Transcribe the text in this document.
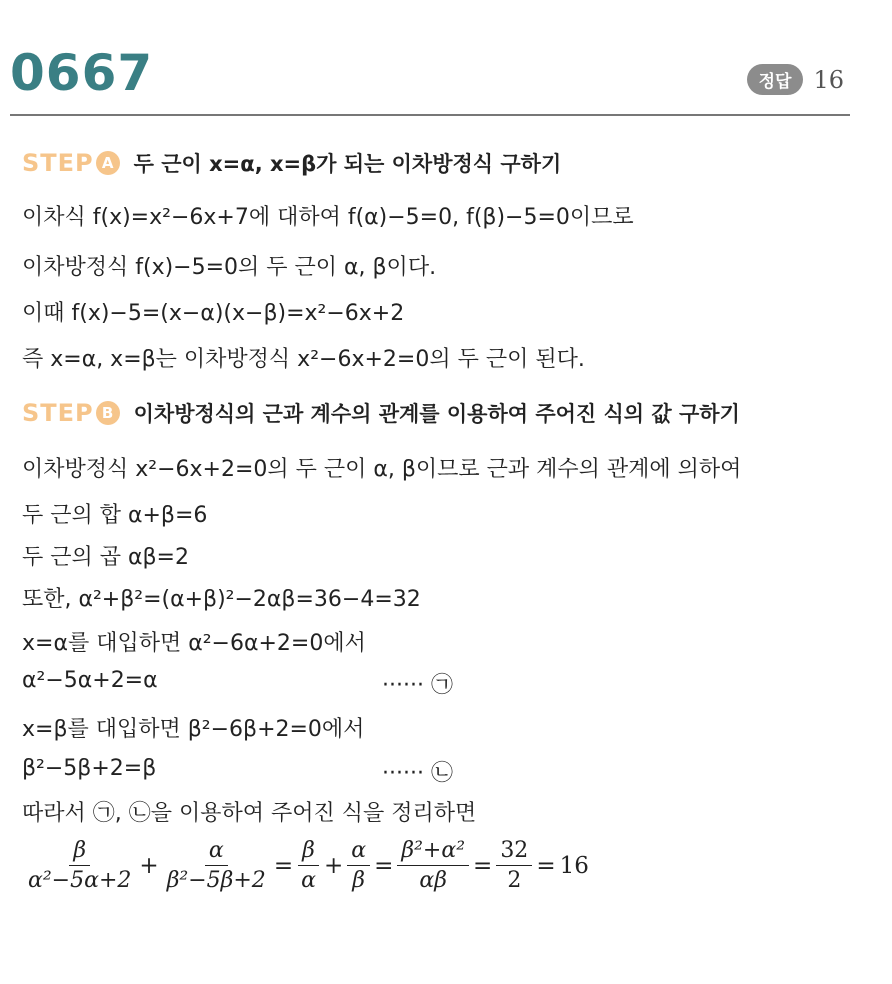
0667	정답 16
STEP A 두 근이 x=α, x=β가 되는 이차방정식 구하기
이차식 f(x)=x²−6x+7에 대하여 f(α)−5=0, f(β)−5=0이므로
이차방정식 f(x)−5=0의 두 근이 α, β이다.
이때 f(x)−5=(x−α)(x−β)=x²−6x+2
즉 x=α, x=β는 이차방정식 x²−6x+2=0의 두 근이 된다.
STEP B 이차방정식의 근과 계수의 관계를 이용하여 주어진 식의 값 구하기
이차방정식 x²−6x+2=0의 두 근이 α, β이므로 근과 계수의 관계에 의하여
두 근의 합 α+β=6
두 근의 곱 αβ=2
또한, α²+β²=(α+β)²−2αβ=36−4=32
x=α를 대입하면 α²−6α+2=0에서
α²−5α+2=α	······ ㉠
x=β를 대입하면 β²−6β+2=0에서
β²−5β+2=β	······ ㉡
따라서 ㉠, ㉡을 이용하여 주어진 식을 정리하면
$\frac{\beta}{\text{α²−5α+2}} + \frac{\alpha}{\text{β²−5β+2}} = \frac{\beta}{\alpha} + \frac{\alpha}{\beta} = \frac{\text{β²+α²}}{\alpha\beta} = \frac{32}{2} = 16$
